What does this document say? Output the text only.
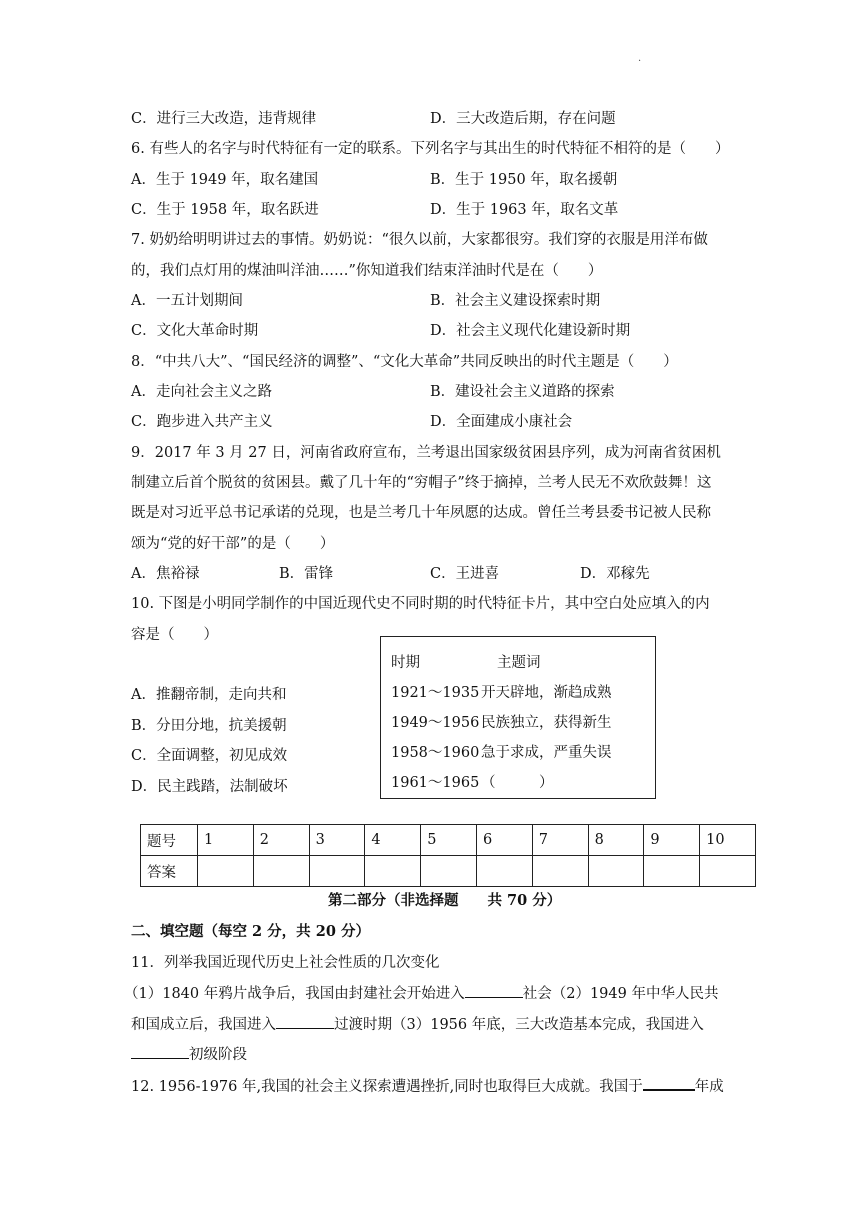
·
C．进行三大改造，违背规律	D．三大改造后期，存在问题
6. 有些人的名字与时代特征有一定的联系。下列名字与其出生的时代特征不相符的是（　　）
A．生于 1949 年，取名建国	B．生于 1950 年，取名援朝
C．生于 1958 年，取名跃进	D．生于 1963 年，取名文革
7. 奶奶给明明讲过去的事情。奶奶说：“很久以前，大家都很穷。我们穿的衣服是用洋布做
的，我们点灯用的煤油叫洋油……”你知道我们结束洋油时代是在（　　）
A．一五计划期间	B．社会主义建设探索时期
C．文化大革命时期	D．社会主义现代化建设新时期
8．“中共八大”、“国民经济的调整”、“文化大革命”共同反映出的时代主题是（　　）
A．走向社会主义之路	B．建设社会主义道路的探索
C．跑步进入共产主义	D．全面建成小康社会
9．2017 年 3 月 27 日，河南省政府宣布，兰考退出国家级贫困县序列，成为河南省贫困机
制建立后首个脱贫的贫困县。戴了几十年的“穷帽子”终于摘掉，兰考人民无不欢欣鼓舞！这
既是对习近平总书记承诺的兑现，也是兰考几十年夙愿的达成。曾任兰考县委书记被人民称
颂为“党的好干部”的是（　　）
A．焦裕禄	B．雷锋	C．王进喜	D．邓稼先
10. 下图是小明同学制作的中国近现代史不同时期的时代特征卡片，其中空白处应填入的内
容是（　　）
A．推翻帝制，走向共和
B．分田分地，抗美援朝
C．全面调整，初见成效
D．民主践踏，法制破坏
时期	主题词
1921～1935 开天辟地，渐趋成熟
1949～1956 民族独立，获得新生
1958～1960 急于求成，严重失误
1961～1965 （　　　）
题号	1	2	3	4	5	6	7	8	9	10
答案										
第二部分（非选择题　　共 70 分）
二、填空题（每空 2 分，共 20 分）
11．列举我国近现代历史上社会性质的几次变化
（1）1840 年鸦片战争后，我国由封建社会开始进入	社会（2）1949 年中华人民共
和国成立后，我国进入	过渡时期（3）1956 年底，三大改造基本完成，我国进入
初级阶段
12. 1956-1976 年,我国的社会主义探索遭遇挫折,同时也取得巨大成就。我国于	年成
